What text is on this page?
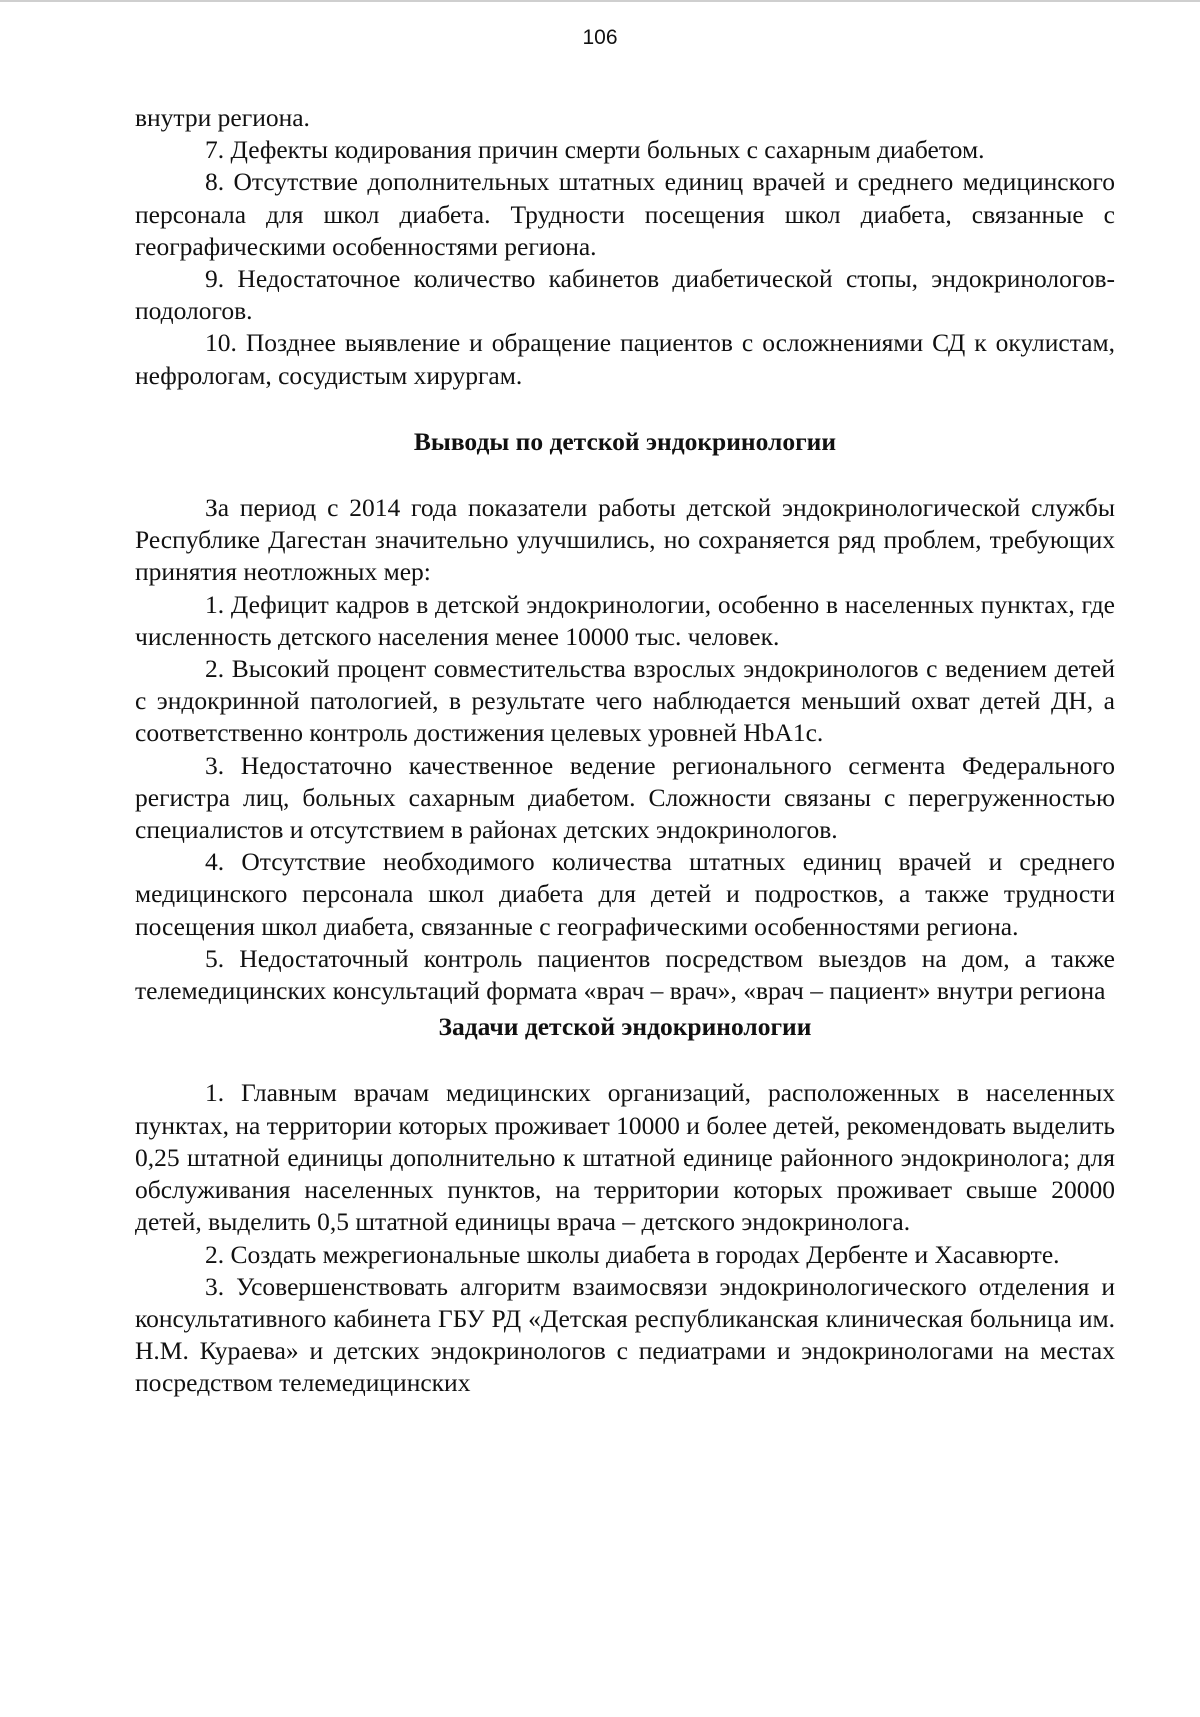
106

внутри региона.

7. Дефекты кодирования причин смерти больных с сахарным диабетом.

8. Отсутствие дополнительных штатных единиц врачей и среднего медицинского персонала для школ диабета. Трудности посещения школ диабета, связанные с географическими особенностями региона.

9. Недостаточное количество кабинетов диабетической стопы, эндокринологов-подологов.

10. Позднее выявление и обращение пациентов с осложнениями СД к окулистам, нефрологам, сосудистым хирургам.

Выводы по детской эндокринологии

За период с 2014 года показатели работы детской эндокринологической службы Республике Дагестан значительно улучшились, но сохраняется ряд проблем, требующих принятия неотложных мер:

1. Дефицит кадров в детской эндокринологии, особенно в населенных пунктах, где численность детского населения менее 10000 тыс. человек.

2. Высокий процент совместительства взрослых эндокринологов с ведением детей с эндокринной патологией, в результате чего наблюдается меньший охват детей ДН, а соответственно контроль достижения целевых уровней HbA1c.

3. Недостаточно качественное ведение регионального сегмента Федерального регистра лиц, больных сахарным диабетом. Сложности связаны с перегруженностью специалистов и отсутствием в районах детских эндокринологов.

4. Отсутствие необходимого количества штатных единиц врачей и среднего медицинского персонала школ диабета для детей и подростков, а также трудности посещения школ диабета, связанные с географическими особенностями региона.

5. Недостаточный контроль пациентов посредством выездов на дом, а также телемедицинских консультаций формата «врач – врач», «врач – пациент» внутри региона

Задачи детской эндокринологии

1. Главным врачам медицинских организаций, расположенных в населенных пунктах, на территории которых проживает 10000 и более детей, рекомендовать выделить 0,25 штатной единицы дополнительно к штатной единице районного эндокринолога; для обслуживания населенных пунктов, на территории которых проживает свыше 20000 детей, выделить 0,5 штатной единицы врача – детского эндокринолога.

2. Создать межрегиональные школы диабета в городах Дербенте и Хасавюрте.

3. Усовершенствовать алгоритм взаимосвязи эндокринологического отделения и консультативного кабинета ГБУ РД «Детская республиканская клиническая больница им. Н.М. Кураева» и детских эндокринологов с педиатрами и эндокринологами на местах посредством телемедицинских
